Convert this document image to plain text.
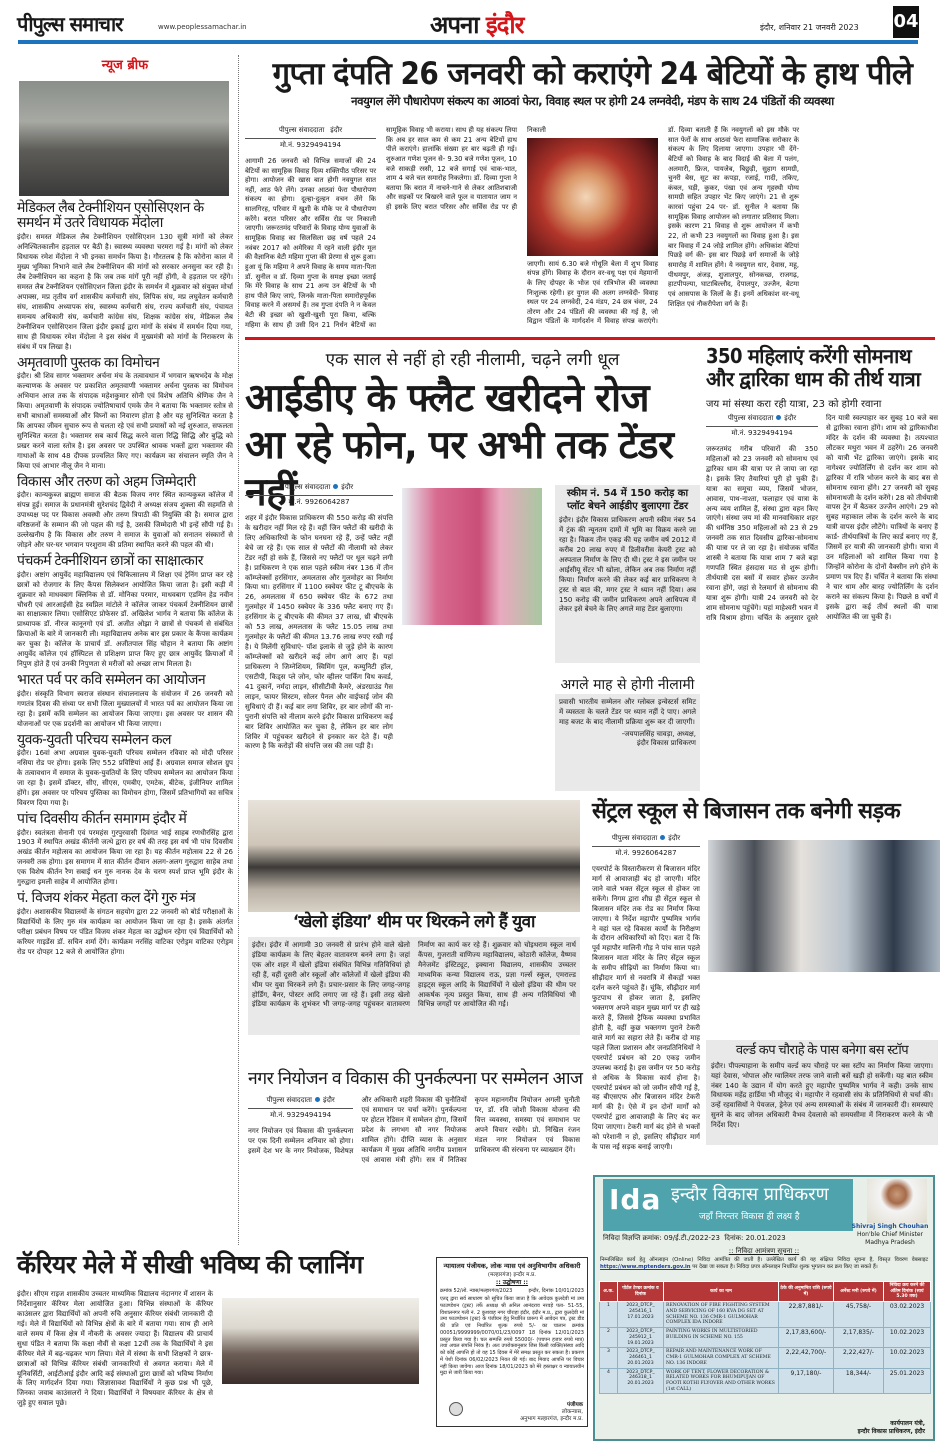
पीपुल्स समाचार	www.peoplessamachar.in	अपना इंदौर	इंदौर, शनिवार 21 जनवरी 2023 04
न्यूज ब्रीफ
मेडिकल लैब टेक्नीशियन एसोसिएशन के समर्थन में उतरे विधायक मेंदोला

इंदौर। समस्त मेडिकल लैब टेक्नीशियन एसोसिएशन 130 सूत्री मांगों को लेकर अनिश्चितकालीन हड़ताल पर बैठी है। स्वास्थ्य व्यवस्था चरमरा गई है। मांगों को लेकर विधायक रमेश मेंदोला ने भी इनका समर्थन किया है। गौरतलब है कि कोरोना काल में मुख्य भूमिका निभाने वाले लैब टेक्नीशियन की मांगों को सरकार अनसुना कर रही है। लैब टेक्नीशियन का कहना है कि जब तक मांगें पूरी नहीं होंगी, वे हड़ताल पर रहेंगे। समस्त लैब टेक्नीशियन एसोसिएशन जिला इंदौर के समर्थन में शुक्रवार को संयुक्त मोर्चा अपाक्स, मप्र तृतीय वर्ग शासकीय कर्मचारी संघ, लिपिक संघ, मप्र लघुवेतन कर्मचारी संघ, शासकीय अध्यापक संघ, स्वास्थ्य कर्मचारी संघ, राज्य कर्मचारी संघ, पंचायत समन्वय अधिकारी संघ, कर्मचारी कांग्रेस संघ, शिक्षक कांग्रेस संघ, मेडिकल लैब टेक्नीशियन एसोसिएशन जिला इंदौर इकाई द्वारा मांगों के संबंध में समर्थन दिया गया, साथ ही विधायक रमेश मेंदोला ने इस संबंध में मुख्यमंत्री को मांगों के निराकरण के संबंध में पत्र लिखा है।

अमृतवाणी पुस्तक का विमोचन

इंदौर। श्री शिव सागर भक्तामर अर्चना मंच के तत्वावधान में भगवान ऋषभदेव के मोक्ष कल्याणक के अवसर पर प्रकाशित अमृतवाणी भक्तामर अर्चना पुस्तक का विमोचन अभियान आज तक के संपादक महेशकुमार सोनी एवं विशेष अतिथि श्रेणिक जैन ने किया। अमृतवाणी के संपादक ज्योतिषाचार्य एमके जैन ने बताया कि भक्तामर स्तोत्र से सभी बाधाओं समस्याओं और विघ्नों का निवारण होता है और यह सुनिश्चित करता है कि आपका जीवन सुचारु रूप से चलता रहे एवं सभी प्रयासों को नई शुरुआत, सफलता सुनिश्चित करता है। भक्तामर सब कार्य सिद्ध करने वाला रिद्धि सिद्धि और बुद्धि को प्रखर करने वाला स्तोत्र है। इस अवसर पर उपस्थित श्रावक भक्तों द्वारा भक्तामर की गाथाओं के साथ 48 दीपक प्रज्वलित किए गए। कार्यक्रम का संचालन स्मृति जैन ने किया एवं आभार नीलू जैन ने माना।

विकास और तरुण को अहम जिम्मेदारी

इंदौर। कान्यकुब्ज ब्राह्मण समाज की बैठक विजय नगर स्थित कान्यकुब्ज कॉलेज में संपन्न हुई। समाज के प्रधानमंत्री सुरेशचंद द्विवेदी ने अध्यक्ष संजय शुक्ला की सहमति से उपाध्यक्ष पद पर विकास अवस्थी और तरुण त्रिपाठी की नियुक्ति की है। समाज द्वारा वरिष्ठजनों के सम्मान की जो पहल की गई है, उसकी जिम्मेदारी भी इन्हें सौंपी गई है। उल्लेखनीय है कि विकास और तरुण ने समाज के युवाओं को सनातन संस्कारों से जोड़ने और घर-घर भगवान परशुराम की प्रतिमा स्थापित करने की पहल की थी।

पंचकर्म टेक्नीशियन छात्रों का साक्षात्कार

इंदौर। अष्टांग आयुर्वेद महाविद्यालय एवं चिकित्सालय में शिक्षा एवं ट्रेनिंग प्राप्त कर रहे छात्रों को रोजगार के लिए कैंपस सिलेक्शन आयोजित किया जाता है। इसी कड़ी में शुक्रवार को माधवबाग क्लिनिक से डॉ. मोनिका परमार, माधवबाग एडमिन हेड नवीन चौधरी एवं आरआईसी हेड स्वप्निल मांटोले ने कॉलेज जाकर पंचकर्म टेक्नीशियन छात्रों का साक्षात्कार लिया। एसोसिएट प्रोफेसर डॉ. अखिलेश भार्गव ने बताया कि कॉलेज के प्राध्यापक डॉ. नीरज कानूनगो एवं डॉ. अजीत ओझा ने छात्रों से पंचकर्म से संबंधित क्रियाओं के बारे में जानकारी ली। महाविद्यालय अनेक बार इस प्रकार के कैंपस कार्यक्रम कर चुका है। कॉलेज के प्राचार्य डॉ. अजीतपाल सिंह चौहान ने बताया कि अष्टांग आयुर्वेद कॉलेज एवं हॉस्पिटल से प्रशिक्षण प्राप्त किए हुए छात्र आयुर्वेद क्रियाओं में निपुण होते हैं एवं उनकी निपुणता से मरीजों को अच्छा लाभ मिलता है।

भारत पर्व पर कवि सम्मेलन का आयोजन

इंदौर। संस्कृति विभाग स्वराज संस्थान संचालनालय के संयोजन में 26 जनवरी को गणतंत्र दिवस की संध्या पर सभी जिला मुख्यालयों में भारत पर्व का आयोजन किया जा रहा है। इसमें कवि सम्मेलन का आयोजन किया जाएगा। इस अवसर पर शासन की योजनाओं पर एक प्रदर्शनी का आयोजन भी किया जाएगा।

युवक-युवती परिचय सम्मेलन कल

इंदौर। 16वां अभा अग्रवाल युवक-युवती परिचय सम्मेलन रविवार को मोदी परिसर नसिया रोड पर होगा। इसके लिए 552 प्रविष्टियां आई हैं। अग्रवाल समाज सोशल ग्रुप के तत्वावधान में समाज के युवक-युवतियों के लिए परिचय सम्मेलन का आयोजन किया जा रहा है। इसमें डॉक्टर, सीए, सीएस, एमबीए, एमटेक, बीटेक, इंजीनियर शामिल होंगे। इस अवसर पर परिचय पुस्तिका का विमोचन होगा, जिसमें प्रतिभागियों का सचित्र विवरण दिया गया है।

पांच दिवसीय कीर्तन समागम इंदौर में

इंदौर। स्वतंत्रता सेनानी एवं परमहंस गुरपुरवासी दिवंगत भाई साहब रणधीरसिंह द्वारा 1903 में स्थापित अखंड कीर्तनी जत्थे द्वारा हर वर्ष की तरह इस वर्ष भी पांच दिवसीय अखंड कीर्तन महोत्सव का आयोजन किया जा रहा है। यह कीर्तन महोत्सव 22 से 26 जनवरी तक होगा। इस समागम में सात कीर्तन दीवान अलग-अलग गुरुद्वारा साहेब तथा एक विशेष कीर्तन रैण सबाई धन गुरु नानक देव के चरण स्पर्श प्राप्त भूमि इंदौर के गुरुद्वारा इमली साहेब में आयोजित होगा।

पं. विजय शंकर मेहता कल देंगे गुरु मंत्र

इंदौर। अशासकीय विद्यालयों के संगठन सहयोग द्वारा 22 जनवरी को बोर्ड परीक्षाओं के विद्यार्थियों के लिए गुरु मंत्र कार्यक्रम का आयोजन किया जा रहा है। इसके अंतर्गत परीक्षा प्रबंधन विषय पर पंडित विजय शंकर मेहता का उद्बोधन रहेगा एवं विद्यार्थियों को करियर गाइडेंस डॉ. सचिन शर्मा देंगे। कार्यक्रम नरसिंह वाटिका एरोड्रम वाटिका एरोड्रम रोड पर दोपहर 12 बजे से आयोजित होगा।

गुप्ता दंपति 26 जनवरी को कराएंगे 24 बेटियों के हाथ पीले
नवयुगल लेंगे पौधारोपण संकल्प का आठवां फेरा, विवाह स्थल पर होगी 24 लग्नवेदी, मंडप के साथ 24 पंडितों की व्यवस्था
पीपुल्स संवाददाता इंदौर
मो.नं. 9329494194
आगामी 26 जनवरी को विभिन्न समाजों की 24 बेटियों का सामूहिक विवाह दिव्य शक्तिपीठ परिसर पर होगा। आयोजन की खास बात होगी नवयुगल सात नहीं, आठ फेरे लेंगे। उनका आठवां फेरा पौधारोपण संकल्प का होगा। दूल्हा-दुल्हन वचन लेंगे कि सालगिरह, परिवार में खुशी के मौके पर वे पौधारोपण करेंगे। बरात परिसर और सर्विस रोड पर निकाली जाएगी। जरूरतमंद परिवारों के विवाह योग्य युवाओं के सामूहिक विवाह का सिलसिला छह वर्ष पहले 24 नवंबर 2017 को अमेरिका में रहने वाली इंदौर मूल की वैज्ञानिक बेटी महिमा गुप्ता की प्रेरणा से शुरू हुआ। हुआ यूं कि महिमा ने अपने विवाह के समय माता-पिता डॉ. सुनील व डॉ. दिव्या गुप्ता के समक्ष इच्छा जताई कि मेरे विवाह के साथ 21 अन्य उन बेटियों के भी हाथ पीले किए जाएं, जिनके माता-पिता समारोहपूर्वक विवाह करने में असमर्थ हैं। तब गुप्ता दंपति ने न केवल बेटी की इच्छा को खुशी-खुशी पूरा किया, बल्कि महिमा के साथ ही उसी दिन 21 निर्धन बेटियों का सामूहिक विवाह भी कराया। साथ ही यह संकल्प लिया कि अब हर साल कम से कम 21 अन्य बेटियों हाथ पीले कराएंगे। हालांकि संख्या हर बार बढ़ती ही गई। शुरुआत गणेश पूजन से- 9.30 बजे गणेश पूजन, 10 बजे साकड़ी रस्सी, 12 बजे सगाई एवं चाक-भात, शाम 4 बजे चल समारोह निकलेगा। डॉ. दिव्या गुप्ता ने बताया कि बरात में नाचने-गाने से लेकर आतिशबाजी और सड़कों पर बिखरने वाले फूल व यातायात जाम न हो इसके लिए बरात परिसर और सर्विस रोड पर ही निकाली
जाएगी। सायं 6.30 बजे गोधूलि बेला में शुभ विवाह संपन्न होंगे। विवाह के दौरान वर-वधू पक्ष एवं मेहमानों के लिए दोपहर के भोज एवं रात्रिभोज की व्यवस्था निःशुल्क रहेगी। हर युगल की अलग लग्नवेदी- विवाह स्थल पर 24 लग्नवेदी, 24 मंडप, 24 छत्र चंवर, 24 तोरण और 24 पंडितों की व्यवस्था की गई है, जो विद्वान पंडितों के मार्गदर्शन में विवाह संपन्न कराएंगे। डॉ. दिव्या बताती हैं कि नवयुगलों को इस मौके पर सात फेरों के साथ आठवां फेरा सामाजिक सरोकार के संकल्प के लिए दिलाया जाएगा। उपहार भी देंगे- बेटियों को विवाह के बाद विदाई की बेला में पलंग, अलमारी, फ्रिज, पायजेब, बिछुड़ी, सुहाग सामग्री, चुनरी बेस, सूट का कपड़ा, रजाई, गादी, तकिए, कंबल, घड़ी, कुकर, पंखा एवं अन्य गृहस्थी योग्य सामग्री सहित उपहार भेंट किए जाएंगे। 21 से शुरू कारवां पहुंचा 24 पर- डॉ. सुनील ने बताया कि सामूहिक विवाह आयोजन को लगातार प्रतिसाद मिला। इसके कारण 21 विवाह से शुरू आयोजन में कभी 22, तो कभी 23 नवयुगलों का विवाह हुआ है। इस बार विवाह में 24 जोड़े शामिल होंगे। अधिकांश बेटियां पिछड़े वर्ग की- इस बार पिछड़े वर्ग समाजों के जोड़े समारोह में शामिल होंगे। ये नवयुगल धार, देवास, महू, पीथमपुर, अंजड़, शुजालपुर, सोनकच्छ, राजगढ़, हाटपीपल्या, घाटाबिल्लौद, देपालपुर, उज्जैन, बेटमा एवं आसपास के जिलों के हैं। इनमें अधिकांश वर-वधू शिक्षित एवं नौकरीपेशा वर्ग के हैं।
एक साल से नहीं हो रही नीलामी, चढ़ने लगी धूल
आईडीए के फ्लैट खरीदने रोज आ रहे फोन, पर अभी तक टेंडर नहीं
पीपुल्स संवाददाता इंदौर
मो.नं. 9926064287
शहर में इंदौर विकास प्राधिकरण की 550 करोड़ की संपत्ति के खरीदार नहीं मिल रहे हैं। वहीं जिन फ्लैटों की खरीदी के लिए अधिकारियों के फोन घनघना रहे हैं, उन्हें फ्लैट नहीं बेचे जा रहे हैं। एक साल से फ्लैटों की नीलामी को लेकर टेंडर नहीं हो सके हैं, जिससे नए फ्लैटों पर धूल चढ़ने लगी है। प्राधिकरण ने एक साल पहले स्कीम नंबर 136 में तीन कॉम्प्लेक्सों हरसिंगार, अमलतास और गुलमोहर का निर्माण किया था। हरसिंगार में 1100 स्क्वेयर फीट टू बीएचके के 26, अमलतास में 650 स्क्वेयर फीट के 672 तथा गुलमोहर में 1450 स्क्वेयर के 336 फ्लैट बनाए गए हैं। हरसिंगार के टू बीएचके की कीमत 37 लाख, थ्री बीएचके को 53 लाख, अमलतास के फ्लैट 15.05 लाख तथा गुलमोहर के फ्लैटों की कीमत 13.76 लाख रुपए रखी गई है। ये मिलेंगी सुविधाएं- पॉश इलाके से जुड़े होने के कारण कॉम्प्लेक्सों को खरीदने कई लोग आगे आए हैं। यहां प्राधिकरण ने जिम्नेशियम, स्विमिंग पूल, कम्युनिटी हॉल, एसटीपी, किड्स प्ले जोन, फोर व्हीलर पार्किंग विथ कवर्ड, 41 दुकानें, नर्मदा लाइन, सीसीटीवी कैमरे, अंडरग्राउंड गैस लाइन, फायर सिस्टम, सोलर पैनल और वाईफाई जोन की सुविधाएं दी हैं। कई बार लगा शिविर, हर बार लोगों की ना- पुरानी संपत्ति को नीलाम करने इंदौर विकास प्राधिकरण कई बार शिविर आयोजित कर चुका है, लेकिन हर बार लोग शिविर में पहुंचकर खरीदने से इनकार कर देते हैं। यही कारण है कि करोड़ों की संपत्ति जस की तस पड़ी है।
स्कीम नं. 54 में 150 करोड़ का प्लॉट बेचने आईडीए बुलाएगा टेंडर

इंदौर। इंदौर विकास प्राधिकरण अपनी स्कीम नंबर 54 में ट्रंक की न्यूनतम दामों में भूमि का विक्रय करने जा रहा है। विक्रय तीन एकड़ की यह जमीन वर्ष 2012 में करीब 20 लाख रुपए में डिलीवरीस केयरी ट्रस्ट को अस्पताल निर्माण के लिए दी थी। ट्रस्ट ने इस जमीन पर आईसीयू सेंटर भी खोला, लेकिन अब तक निर्माण नहीं किया। निर्माण करने की लेकर कई बार प्राधिकरण ने ट्रस्ट से बात की, मगर ट्रस्ट ने ध्यान नहीं दिया। अब 150 करोड़ की जमीन प्राधिकरण अपने आधिपत्य में लेकर इसे बेचने के लिए अगले माह टेंडर बुलाएगा।

अगले माह से होगी नीलामी

प्रवासी भारतीय सम्मेलन और ग्लोबल इन्वेस्टर्स समिट में व्यस्तता के चलते टेंडर पर ध्यान नहीं दे पाए। अगले माह बजट के बाद नीलामी प्रक्रिया शुरू कर दी जाएगी।

-जयपालसिंह चावड़ा, अध्यक्ष,
इंदौर विकास प्राधिकरण
350 महिलाएं करेंगी सोमनाथ और द्वारिका धाम की तीर्थ यात्रा
जय मां संस्था करा रही यात्रा, 23 को होगी रवाना
पीपुल्स संवाददाता इंदौर
मो.नं. 9329494194
जरूरतमंद गरीब परिवारों की 350 महिलाओं को 23 जनवरी को सोमनाथ एवं द्वारिका धाम की यात्रा पर ले जाया जा रहा है। इसके लिए तैयारियां पूरी हो चुकी हैं। यात्रा का समूचा व्यय, जिसमें भोजन, आवास, पाथ-नाश्ता, फलाहार एवं यात्रा के अन्य व्यय शामिल हैं, संस्था द्वारा वहन किए जाएंगे। संस्था जय मां की मानवाधिकार शहर की धर्मनिष्ठ 350 महिलाओं को 23 से 29 जनवरी तक सात दिवसीय द्वारिका-सोमनाथ की यात्रा पर ले जा रहा है। संयोजक चर्चित शास्त्री ने बताया कि यात्रा शाम 7 बजे बड़ा गणपति स्थित हंसदास मठ से शुरू होगी। तीर्थयात्री दस बसों में सवार होकर उज्जैन रवाना होंगे, जहां से रेलमार्ग से सोमनाथ की यात्रा शुरू होगी। यात्री 24 जनवरी को देर शाम सोमनाथ पहुंचेंगे। यहां माहेश्वरी भवन में रात्रि विश्राम होगा। चर्चित के अनुसार दूसरे दिन यात्री स्वल्पाहार कर सुबह 10 बजे बस से द्वारिका रवाना होंगे। शाम को द्वारिकाधीश मंदिर के दर्शन की व्यवस्था है। तत्पश्चात लौटकर मथुरा भवन में ठहरेंगे। 26 जनवरी को यात्री भेंट द्वारिका जाएंगे। इसके बाद नागेश्वर ज्योतिर्लिंग से दर्शन कर शाम को द्वारिका में रात्रि भोजन करने के बाद बस से सोमनाथ रवाना होंगे। 27 जनवरी को सुबह सोमनाथजी के दर्शन करेंगे। 28 को तीर्थयात्री वापस ट्रेन में बैठकर उज्जैन आएंगे। 29 को सुबह महाकाल लोक के दर्शन करने के बाद यात्री वापस इंदौर लौटेंगे। यात्रियों के बनाए हैं कार्ड- तीर्थयात्रियों के लिए कार्ड बनाए गए हैं, जिसमें हर यात्री की जानकारी होगी। यात्रा में उन महिलाओं को शामिल किया गया है जिन्होंने कोरोना के दोनों वैक्सीन लगे होने के प्रमाण पत्र दिए हैं। चर्चित ने बताया कि संस्था ने चार धाम और बारह ज्योतिर्लिंग के दर्शन कराने का संकल्प किया है। पिछले 8 वर्षों में इसके द्वारा कई तीर्थ स्थलों की यात्रा आयोजित की जा चुकी हैं।
‘खेलो इंडिया’ थीम पर थिरकने लगे हैं युवा
इंदौर। इंदौर में आगामी 30 जनवरी से प्रारंभ होने वाले खेलो इंडिया कार्यक्रम के लिए बेहतर वातावरण बनने लगा है। जहां एक ओर शहर में खेलो इंडिया संबंधित विभिन्न गतिविधियां हो रही हैं, वहीं दूसरी ओर स्कूलों और कॉलेजों में खेलो इंडिया की थीम पर युवा थिरकने लगे हैं। प्रचार-प्रसार के लिए जगह-जगह होर्डिंग, बैनर, पोस्टर आदि लगाए जा रहे हैं। इसी तरह खेलो इंडिया कार्यक्रम के शुभंकर भी जगह-जगह पहुंचकर वातावरण निर्माण का कार्य कर रहे हैं। शुक्रवार को चोइथराम स्कूल नार्थ कैंपस, गुजराती वाणिज्य महाविद्यालय, कोठारी कॉलेज, वैष्णव मैनेजमेंट इंस्टिट्यूट, इक्याना विद्यालय, शासकीय उच्चतर माध्यमिक कन्या विद्यालय राऊ, प्रज्ञा गर्ल्स स्कूल, एमराल्ड हाइट्स स्कूल आदि के विद्यार्थियों ने खेलो इंडिया की थीम पर आकर्षक नृत्य प्रस्तुत किया, साथ ही अन्य गतिविधियां भी विभिन्न जगहों पर आयोजित की गईं।
सेंट्रल स्कूल से बिजासन तक बनेगी सड़क
पीपुल्स संवाददाता इंदौर
मो.नं. 9926064287
एयरपोर्ट के विस्तारीकरण से बिजासन मंदिर मार्ग से आवाजाही बंद हो जाएगी। मंदिर जाने वाले भक्त सेंट्रल स्कूल से होकर जा सकेंगे। निगम द्वारा शीघ्र ही सेंट्रल स्कूल से बिजासन मंदिर तक रोड का निर्माण किया जाएगा। ये निर्देश महापौर पुष्यमित्र भार्गव ने वहां चल रहे विकास कार्यों के निरीक्षण के दौरान अधिकारियों को दिए। बता दें कि पूर्व महापौर मालिनी गौड़ ने पांच साल पहले बिजासन माता मंदिर के लिए सेंट्रल स्कूल के समीप सीढ़ियों का निर्माण किया था। सीढ़ीदार मार्ग से नवरात्रि में सैकड़ों भक्त दर्शन करने पहुंचते हैं। चूंकि, सीढ़ीदार मार्ग फुटपाथ से होकर जाता है, इसलिए भक्तगण अपने वाहन मुख्य मार्ग पर ही खड़े करते हैं, जिससे ट्रैफिक व्यवस्था प्रभावित होती है, वहीं कुछ भक्तगण पुराने टेकरी वाले मार्ग का सहारा लेते हैं। करीब दो माह पहले जिला प्रशासन और जनप्रतिनिधियों ने एयरपोर्ट प्रबंधन को 20 एकड़ जमीन उपलब्ध कराई है। इस जमीन पर 50 करोड़ से अधिक के विकास कार्य होना है। एयरपोर्ट प्रबंधन को जो जमीन सौंपी गई है, वह बीएसएफ और बिजासन मंदिर टेकरी मार्ग की है। ऐसे में इन दोनों मार्गों को एयरपोर्ट द्वारा आवाजाही के लिए बंद कर दिया जाएगा। टेकरी मार्ग बंद होने से भक्तों को परेशानी न हो, इसलिए सीढ़ीदार मार्ग के पास नई सड़क बनाई जाएगी।
वर्ल्ड कप चौराहे के पास बनेगा बस स्टॉप

इंदौर। पीपल्याहाना के समीप वर्ल्ड कप चौराहे पर बस स्टॉप का निर्माण किया जाएगा। यहां देवास, भोपाल और ग्वालियर तरफ जाने वाली बसें खड़ी हो सकेंगी। यह बात स्कीम नंबर 140 के उद्यान में योग करते हुए महापौर पुष्यमित्र भार्गव ने कही। उनके साथ विधायक महेंद्र हार्डिया भी मौजूद थे। महापौर ने रहवासी संघ के प्रतिनिधियों से चर्चा की। उन्हें रहवासियों ने पेयजल, ड्रेनेज एवं अन्य समस्याओं के संबंध में जानकारी दी। समस्याएं सुनने के बाद जोनल अधिकारी वैभव देवलासे को समयसीमा में निराकरण करने के भी निर्देश दिए।

नगर नियोजन व विकास की पुनर्कल्पना पर सम्मेलन आज
पीपुल्स संवाददाता इंदौर
मो.नं. 9329494194
नगर नियोजन एवं विकास की पुनर्कल्पना पर एक दिनी सम्मेलन शनिवार को होगा। इसमें देश भर के नगर नियोजक, विशेषज्ञ और अधिकारी शहरी विकास की चुनौतियों एवं समाधान पर चर्चा करेंगे। पुनर्कल्पना पर होटल रेडिसन में सम्मेलन होगा, जिसमें प्रदेश के लगभग सौ नगर नियोजक शामिल होंगे। दीप्ति व्यास के अनुसार कार्यक्रम में मुख्य अतिथि नगरीय प्रशासन एवं आवास मंत्री होंगे। सत्र में नितिका कृपन महानगरीय नियोजन अगली चुनौती पर, डॉ. रवि जोशी विकास योजना की वित्त व्यवस्था, समस्या एवं समाधान पर अपने विचार रखेंगे। प्रो. निखिल रंजन मंडल नगर नियोजन एवं विकास प्राधिकरण की संरचना पर व्याख्यान देंगे।
कॅरियर मेले में सीखी भविष्य की प्लानिंग
इंदौर। सीएम राइज शासकीय उच्चतर माध्यमिक विद्यालय नंदानगर में शासन के निर्देशानुसार कॅरियर मेला आयोजित हुआ। विभिन्न संस्थाओं के कॅरियर काउंसलर द्वारा विद्यार्थियों को अपनी रुचि अनुसार कॅरियर संबंधी जानकारी दी गई। मेले में विद्यार्थियों को विभिन्न क्षेत्रों के बारे में बताया गया। साथ ही आने वाले समय में किस क्षेत्र में नौकरी के अवसर ज्यादा हैं। विद्यालय की प्राचार्य सुधा पंडित ने बताया कि कक्षा नौवीं से कक्षा 12वीं तक के विद्यार्थियों ने इस कॅरियर मेले में बढ़-चढ़कर भाग लिया। मेले में संस्था के सभी शिक्षकों ने छात्र-छात्राओं को विभिन्न कॅरियर संबंधी जानकारियों से अवगत कराया। मेले में यूनिवर्सिटी, आईटीआई इंदौर आदि कई संस्थाओं द्वारा छात्रों को भविष्य निर्माण के लिए मार्गदर्शन दिया गया। जिज्ञासावश विद्यार्थियों ने कुछ प्रश्न भी पूछे, जिनका जवाब काउंसलरों ने दिया। विद्यार्थियों ने विषयवार कॅरियर के क्षेत्र से जुड़े हुए सवाल पूछे।
न्यायालय पंजीयक, लोक न्यास एवं अनुविभागीय अधिकारी
(मल्हारगंज) इन्दौर म.प्र.
:: उद्घोषणा ::
क्रमांक 52/लो. न्यास/मल्हारगंज/2023	इन्दौर, दिनांक 10/01/2023

एतद् द्वारा सर्व साधारण को सूचित किया जाता है कि आवेदक कुलदेवी मां उमा फाउण्डेशन (ट्रस्ट) तर्फे अध्यक्ष श्री अनिल आनंदराव नरवड़े पता- 51-55, विशालनगर गली नं. 2 कुशवाह नगर चौराहा इंदौर, इंदौर म.प्र., द्वारा कुलदेवी मां उमा फाउण्डेशन (ट्रस्ट) के पंजीयन हेतु निर्धारित प्रारूप में आवेदन पत्र, ट्रस्ट डीड की प्रति एवं निर्धारित शुल्क रुपये 5/- का चालान क्रमांक 00051/9999999/0070/01/23/0097 18 दिनांक 12/01/2023 प्रस्तुत किया गया है। चल सम्पत्ति रुपये 55000/- (पचपन हजार रुपये मात्र) तथा अचल संपत्ति निरंक है। अतः उपरोक्तानुसार जिस किसी व्यक्ति/संस्था आदि को कोई आपत्ति हो तो वह 15 दिवस में मेरे समक्ष प्रस्तुत कर सकता है। प्रकरण में पेशी दिनांक 06/02/2023 नियत की गई। बाद मियाद आपत्ति पर विचार नहीं किया जावेगा। आज दिनांक 18/01/2023 को मेरे हस्ताक्षर व न्यायालयीन मुद्रा से जारी किया गया।

पंजीयक
लोकन्यास,
अनुभाग मल्हारगंज, इन्दौर म.प्र.
Ida इन्दौर विकास प्राधिकरण
जहाँ निरन्तर विकास ही लक्ष्य है
Shivraj Singh Chouhan
Hon'ble Chief Minister
Madhya Pradesh
निविदा विज्ञप्ति क्रमांक: 09/ई.टी./2022-23 दिनांक: 20.01.2023
:: निविदा आमंत्रण सूचना ::
निम्नलिखित कार्य हेतु ऑनलाइन (Online) निविदा आमंत्रित की जाती है। उल्लेखित कार्य की यह संक्षिप्त निविदा सूचना है, विस्तृत विवरण वेबसाइट https://www.mptenders.gov.in पर देखा जा सकता है। निविदा प्रपत्र ऑनलाइन निर्धारित शुल्क भुगतान कर क्रय किए जा सकते हैं।
अ.क.	पोर्टल टेण्डर क्रमांक व दिनांक	कार्य का नाम	ठेके की अनुमानित राशि (रुपये में)	अर्नेस्ट मनी (रुपये में)	निविदा क्रय करने की अंतिम दिनांक (सायं 5.30 तक)
1	2023_DTCP_ 245416_1 17.01.2023	RENOVATION OF FIRE FIGHTING SYSTEM AND SERVICING OF 160 KVA DG SET AT SCHEME NO. 136 CMR-1 GULMOHAR COMPLEX IDA INDORE	22,87,881/-	45,758/-	03.02.2023
2	2023_DTCP_ 245912_1 19.01.2023	PAINTING WORKS IN MULTISTORIED BUILDING IN SCHEME NO. 155	2,17,83,600/-	2,17,835/-	10.02.2023
3	2023_DTCP_ 246461_1 20.01.2023	REPAIR AND MAINTENANCE WORK OF CMR-1 GULMOHAR COMPLEX AT SCHEME NO. 136 INDORE	2,22,42,700/-	2,22,427/-	10.02.2023
4	2023_DTCP_ 246318_1 20.01.2023	WORK OF TENT, FLOWER DECORATION & RELATED WORKS FOR BHUMIPUJAN OF FOOTI KOTHI FLYOVER AND OTHER WORKS (1st CALL)	9,17,180/-	18,344/-	25.01.2023
कार्यपालन यंत्री,
इन्दौर विकास प्राधिकरण, इंदौर
